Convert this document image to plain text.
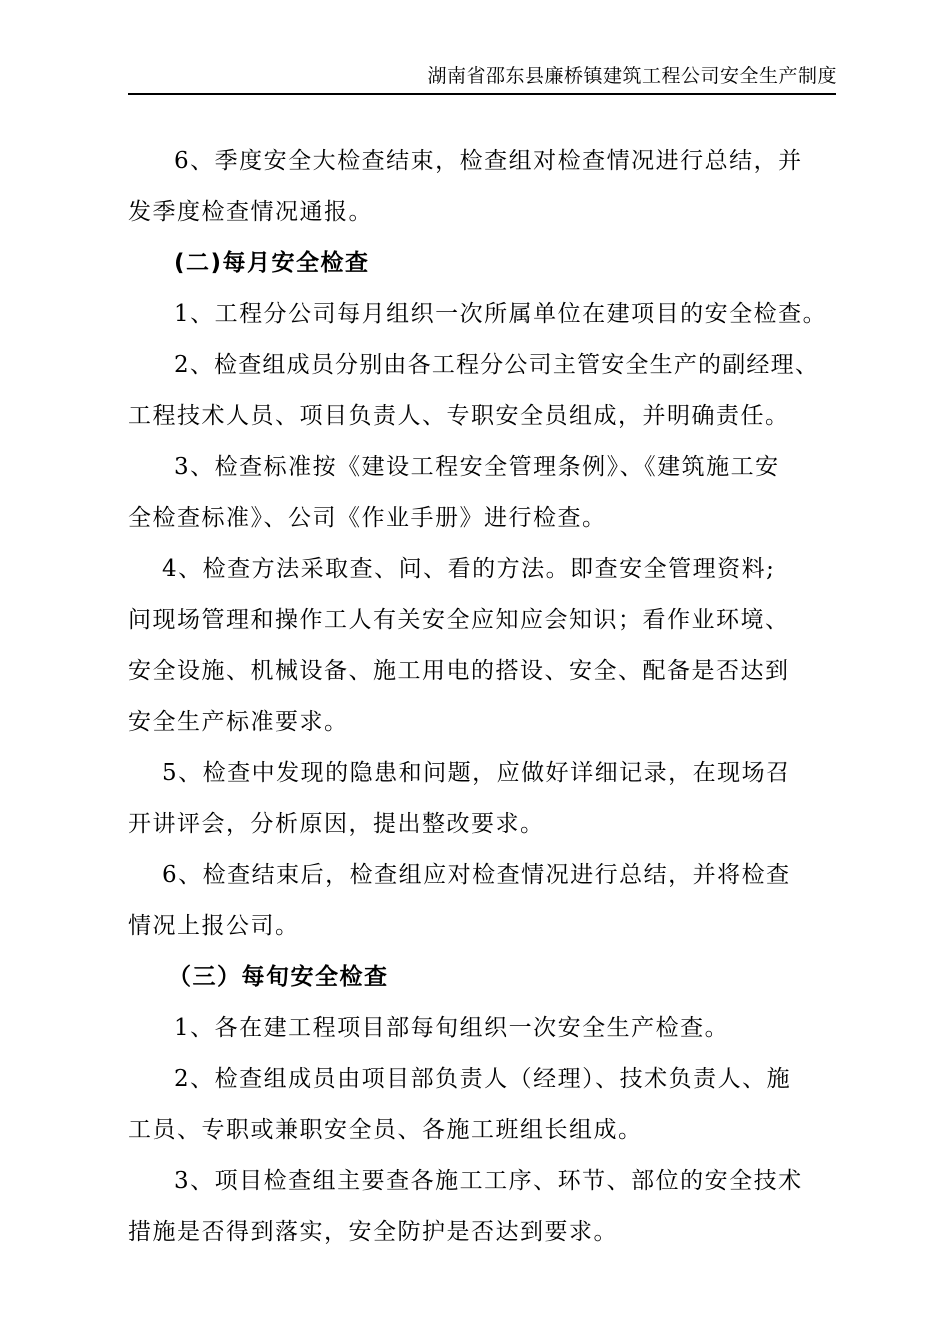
湖南省邵东县廉桥镇建筑工程公司安全生产制度
6、季度安全大检查结束，检查组对检查情况进行总结，并
发季度检查情况通报。
(二)每月安全检查
1、工程分公司每月组织一次所属单位在建项目的安全检查。
2、检查组成员分别由各工程分公司主管安全生产的副经理、
工程技术人员、项目负责人、专职安全员组成，并明确责任。
3、检查标准按《建设工程安全管理条例》、《建筑施工安
全检查标准》、公司《作业手册》进行检查。
4、检查方法采取查、问、看的方法。即查安全管理资料;
问现场管理和操作工人有关安全应知应会知识；看作业环境、
安全设施、机械设备、施工用电的搭设、安全、配备是否达到
安全生产标准要求。
5、检查中发现的隐患和问题，应做好详细记录，在现场召
开讲评会，分析原因，提出整改要求。
6、检查结束后，检查组应对检查情况进行总结，并将检查
情况上报公司。
（三）每旬安全检查
1、各在建工程项目部每旬组织一次安全生产检查。
2、检查组成员由项目部负责人（经理）、技术负责人、施
工员、专职或兼职安全员、各施工班组长组成。
3、项目检查组主要查各施工工序、环节、部位的安全技术
措施是否得到落实，安全防护是否达到要求。
